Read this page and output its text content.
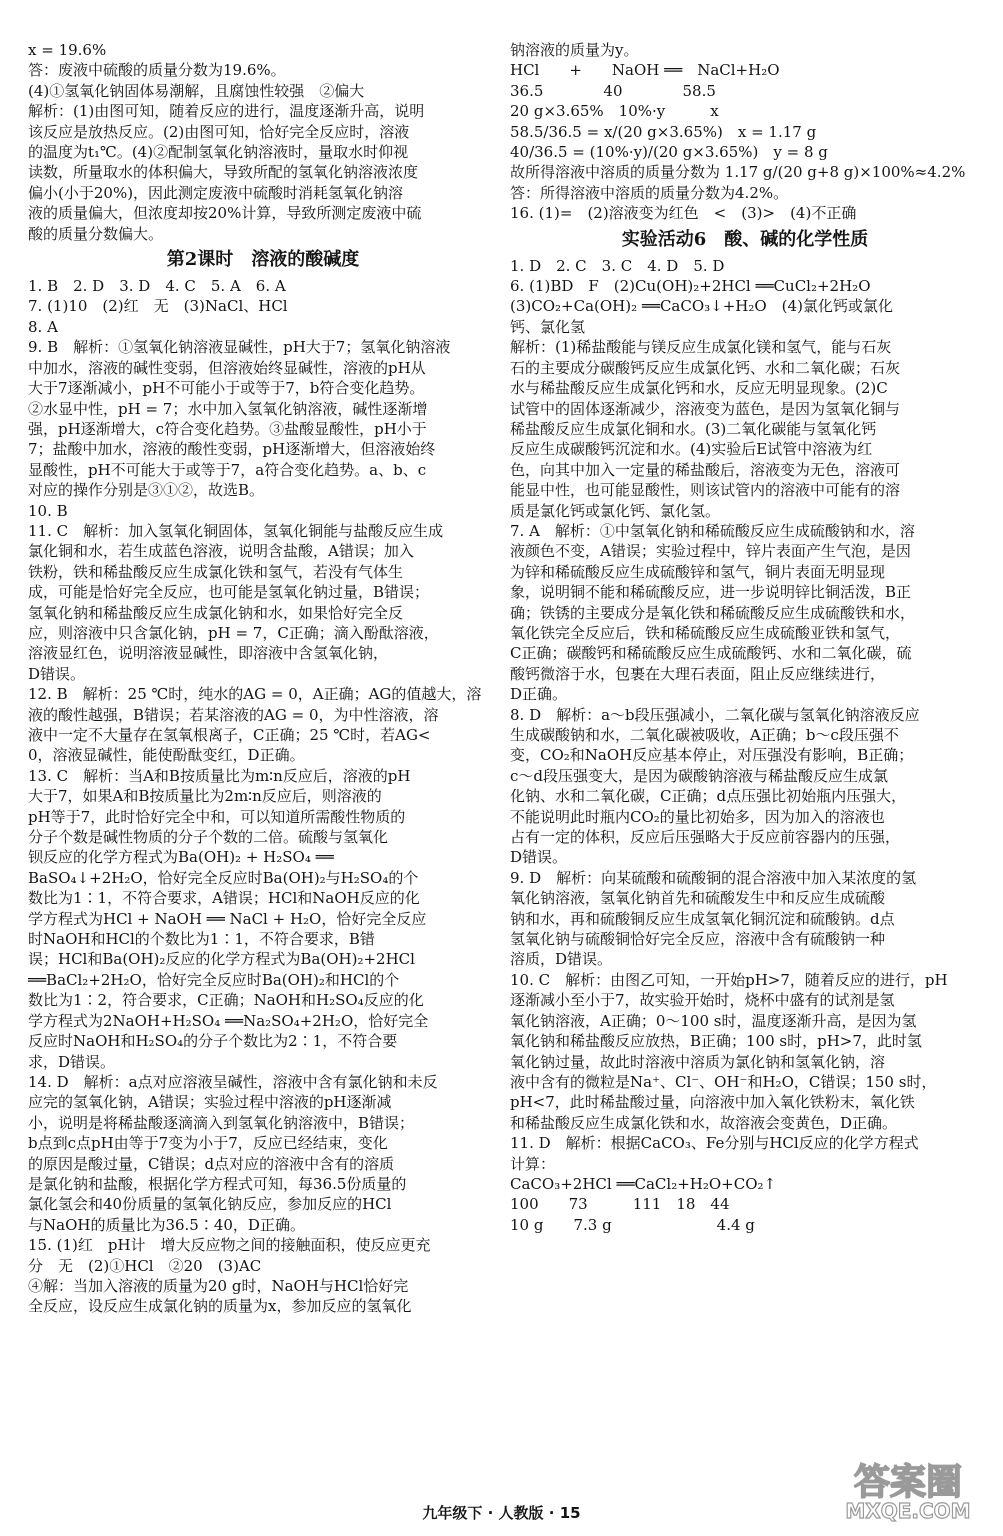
x = 19.6%

答：废液中硫酸的质量分数为19.6%。

(4)①氢氧化钠固体易潮解，且腐蚀性较强　②偏大

解析：(1)由图可知，随着反应的进行，温度逐渐升高，说明

该反应是放热反应。(2)由图可知，恰好完全反应时，溶液

的温度为t₁℃。(4)②配制氢氧化钠溶液时，量取水时仰视

读数，所量取水的体积偏大，导致所配的氢氧化钠溶液浓度

偏小(小于20%)，因此测定废液中硫酸时消耗氢氧化钠溶

液的质量偏大，但浓度却按20%计算，导致所测定废液中硫

酸的质量分数偏大。

第2课时　溶液的酸碱度

1. B　2. D　3. D　4. C　5. A　6. A

7. (1)10　(2)红　无　(3)NaCl、HCl

8. A

9. B　解析：①氢氧化钠溶液显碱性，pH大于7；氢氧化钠溶液

中加水，溶液的碱性变弱，但溶液始终显碱性，溶液的pH从

大于7逐渐减小，pH不可能小于或等于7，b符合变化趋势。

②水显中性，pH = 7；水中加入氢氧化钠溶液，碱性逐渐增

强，pH逐渐增大，c符合变化趋势。③盐酸显酸性，pH小于

7；盐酸中加水，溶液的酸性变弱，pH逐渐增大，但溶液始终

显酸性，pH不可能大于或等于7，a符合变化趋势。a、b、c

对应的操作分别是③①②，故选B。

10. B

11. C　解析：加入氢氧化铜固体，氢氧化铜能与盐酸反应生成

氯化铜和水，若生成蓝色溶液，说明含盐酸，A错误；加入

铁粉，铁和稀盐酸反应生成氯化铁和氢气，若没有气体生

成，可能是恰好完全反应，也可能是氢氧化钠过量，B错误；

氢氧化钠和稀盐酸反应生成氯化钠和水，如果恰好完全反

应，则溶液中只含氯化钠，pH = 7，C正确；滴入酚酞溶液，

溶液显红色，说明溶液显碱性，即溶液中含氢氧化钠，

D错误。

12. B　解析：25 ℃时，纯水的AG = 0，A正确；AG的值越大，溶

液的酸性越强，B错误；若某溶液的AG = 0，为中性溶液，溶

液中一定不大量存在氢氧根离子，C正确；25 ℃时，若AG<

0，溶液显碱性，能使酚酞变红，D正确。

13. C　解析：当A和B按质量比为m∶n反应后，溶液的pH

大于7，如果A和B按质量比为2m∶n反应后，则溶液的

pH等于7，此时恰好完全中和，可以知道所需酸性物质的

分子个数是碱性物质的分子个数的二倍。硫酸与氢氧化

钡反应的化学方程式为Ba(OH)₂ + H₂SO₄ ══

BaSO₄↓+2H₂O，恰好完全反应时Ba(OH)₂与H₂SO₄的个

数比为1∶1，不符合要求，A错误；HCl和NaOH反应的化

学方程式为HCl + NaOH ══ NaCl + H₂O，恰好完全反应

时NaOH和HCl的个数比为1∶1，不符合要求，B错

误；HCl和Ba(OH)₂反应的化学方程式为Ba(OH)₂+2HCl

══BaCl₂+2H₂O，恰好完全反应时Ba(OH)₂和HCl的个

数比为1∶2，符合要求，C正确；NaOH和H₂SO₄反应的化

学方程式为2NaOH+H₂SO₄ ══Na₂SO₄+2H₂O，恰好完全

反应时NaOH和H₂SO₄的分子个数比为2∶1，不符合要

求，D错误。

14. D　解析：a点对应溶液呈碱性，溶液中含有氯化钠和未反

应完的氢氧化钠，A错误；实验过程中溶液的pH逐渐减

小，说明是将稀盐酸逐滴滴入到氢氧化钠溶液中，B错误；

b点到c点pH由等于7变为小于7，反应已经结束，变化

的原因是酸过量，C错误；d点对应的溶液中含有的溶质

是氯化钠和盐酸，根据化学方程式可知，每36.5份质量的

氯化氢会和40份质量的氢氧化钠反应，参加反应的HCl

与NaOH的质量比为36.5∶40，D正确。

15. (1)红　pH计　增大反应物之间的接触面积，使反应更充

分　无　(2)①HCl　②20　(3)AC

④解：当加入溶液的质量为20 g时，NaOH与HCl恰好完

全反应，设反应生成氯化钠的质量为x，参加反应的氢氧化

钠溶液的质量为y。

HCl　　+　　NaOH ══　NaCl+H₂O

36.5　　　　40　　　　58.5

20 g×3.65%　10%·y　　　x

58.5/36.5 = x/(20 g×3.65%)　x = 1.17 g

40/36.5 = (10%·y)/(20 g×3.65%)　y = 8 g

故所得溶液中溶质的质量分数为 1.17 g/(20 g+8 g)×100%≈4.2%

答：所得溶液中溶质的质量分数为4.2%。

16. (1)=　(2)溶液变为红色　<　(3)>　(4)不正确

实验活动6　酸、碱的化学性质

1. D　2. C　3. C　4. D　5. D

6. (1)BD　F　(2)Cu(OH)₂+2HCl ══CuCl₂+2H₂O

(3)CO₂+Ca(OH)₂ ══CaCO₃↓+H₂O　(4)氯化钙或氯化

钙、氯化氢

解析：(1)稀盐酸能与镁反应生成氯化镁和氢气，能与石灰

石的主要成分碳酸钙反应生成氯化钙、水和二氧化碳；石灰

水与稀盐酸反应生成氯化钙和水，反应无明显现象。(2)C

试管中的固体逐渐减少，溶液变为蓝色，是因为氢氧化铜与

稀盐酸反应生成氯化铜和水。(3)二氧化碳能与氢氧化钙

反应生成碳酸钙沉淀和水。(4)实验后E试管中溶液为红

色，向其中加入一定量的稀盐酸后，溶液变为无色，溶液可

能显中性，也可能显酸性，则该试管内的溶液中可能有的溶

质是氯化钙或氯化钙、氯化氢。

7. A　解析：①中氢氧化钠和稀硫酸反应生成硫酸钠和水，溶

液颜色不变，A错误；实验过程中，锌片表面产生气泡，是因

为锌和稀硫酸反应生成硫酸锌和氢气，铜片表面无明显现

象，说明铜不能和稀硫酸反应，进一步说明锌比铜活泼，B正

确；铁锈的主要成分是氧化铁和稀硫酸反应生成硫酸铁和水，

氧化铁完全反应后，铁和稀硫酸反应生成硫酸亚铁和氢气，

C正确；碳酸钙和稀硫酸反应生成硫酸钙、水和二氧化碳，硫

酸钙微溶于水，包裹在大理石表面，阻止反应继续进行，

D正确。

8. D　解析：a～b段压强减小，二氧化碳与氢氧化钠溶液反应

生成碳酸钠和水，二氧化碳被吸收，A正确；b～c段压强不

变，CO₂和NaOH反应基本停止，对压强没有影响，B正确；

c～d段压强变大，是因为碳酸钠溶液与稀盐酸反应生成氯

化钠、水和二氧化碳，C正确；d点压强比初始瓶内压强大，

不能说明此时瓶内CO₂的量比初始多，因为加入的溶液也

占有一定的体积，反应后压强略大于反应前容器内的压强，

D错误。

9. D　解析：向某硫酸和硫酸铜的混合溶液中加入某浓度的氢

氧化钠溶液，氢氧化钠首先和硫酸发生中和反应生成硫酸

钠和水，再和硫酸铜反应生成氢氧化铜沉淀和硫酸钠。d点

氢氧化钠与硫酸铜恰好完全反应，溶液中含有硫酸钠一种

溶质，D错误。

10. C　解析：由图乙可知，一开始pH>7，随着反应的进行，pH

逐渐减小至小于7，故实验开始时，烧杯中盛有的试剂是氢

氧化钠溶液，A正确；0～100 s时，温度逐渐升高，是因为氢

氧化钠和稀盐酸反应放热，B正确；100 s时，pH>7，此时氢

氧化钠过量，故此时溶液中溶质为氯化钠和氢氧化钠，溶

液中含有的微粒是Na⁺、Cl⁻、OH⁻和H₂O，C错误；150 s时，

pH<7，此时稀盐酸过量，向溶液中加入氧化铁粉末，氧化铁

和稀盐酸反应生成氯化铁和水，故溶液会变黄色，D正确。

11. D　解析：根据CaCO₃、Fe分别与HCl反应的化学方程式

计算：

CaCO₃+2HCl ══CaCl₂+H₂O+CO₂↑

100　　73　　　111　18　44

10 g　　7.3 g　　　　　　　4.4 g

九年级下 · 人教版 · 15
答案圈
MXQE.COM
